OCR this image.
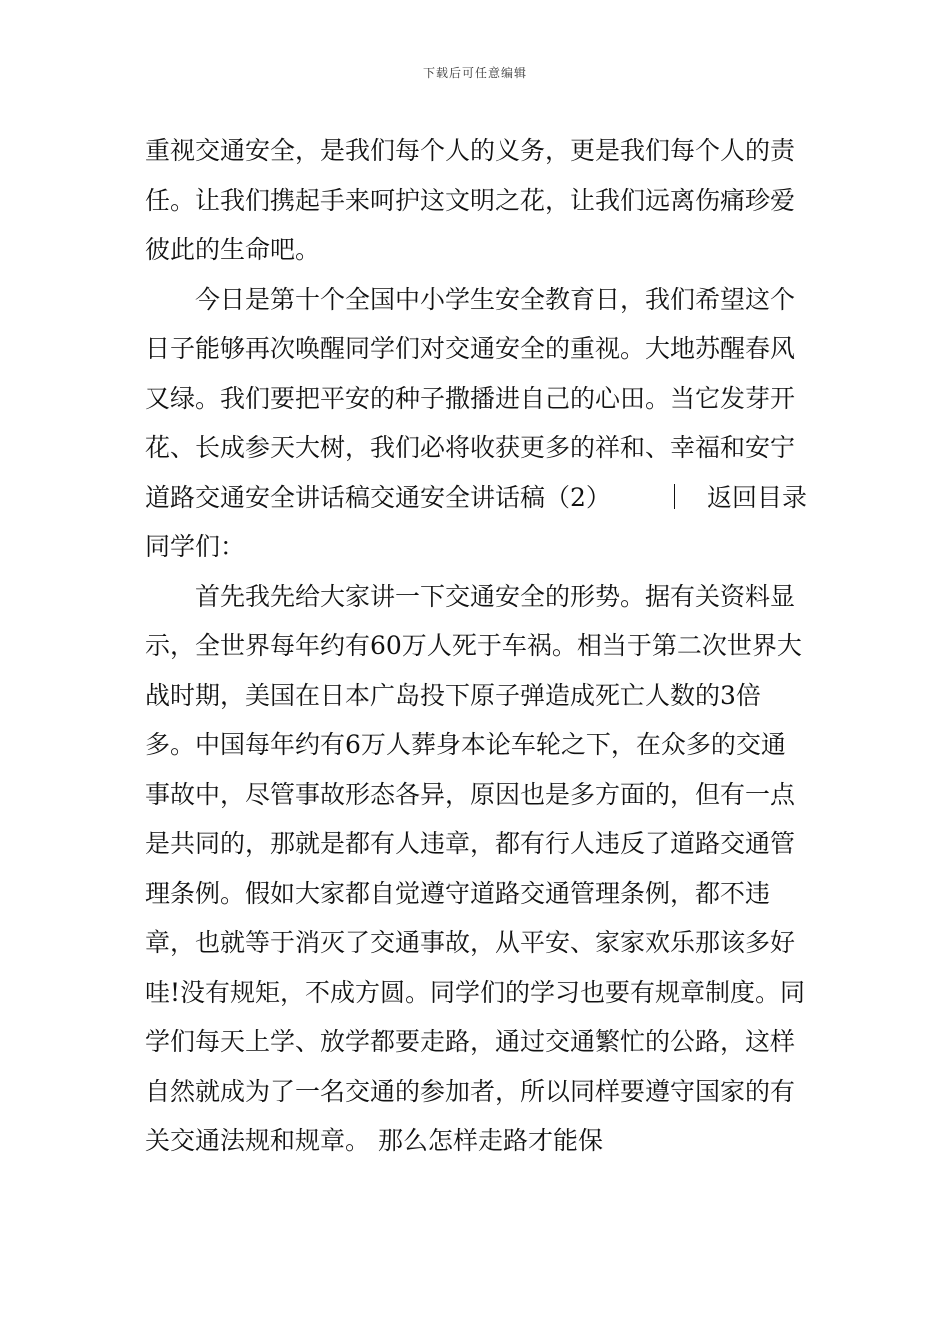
下载后可任意编辑

重视交通安全，是我们每个人的义务，更是我们每个人的责任。让我们携起手来呵护这文明之花，让我们远离伤痛珍爱彼此的生命吧。

今日是第十个全国中小学生安全教育日，我们希望这个日子能够再次唤醒同学们对交通安全的重视。大地苏醒春风又绿。我们要把平安的种子撒播进自己的心田。当它发芽开花、长成参天大树，我们必将收获更多的祥和、幸福和安宁

道路交通安全讲话稿交通安全讲话稿（2）	｜ 返回目录

同学们：

首先我先给大家讲一下交通安全的形势。据有关资料显示，全世界每年约有60万人死于车祸。相当于第二次世界大战时期，美国在日本广岛投下原子弹造成死亡人数的3倍多。中国每年约有6万人葬身本论车轮之下，在众多的交通事故中，尽管事故形态各异，原因也是多方面的，但有一点是共同的，那就是都有人违章，都有行人违反了道路交通管理条例。假如大家都自觉遵守道路交通管理条例，都不违章，也就等于消灭了交通事故，从平安、家家欢乐那该多好哇!没有规矩，不成方圆。同学们的学习也要有规章制度。同学们每天上学、放学都要走路，通过交通繁忙的公路，这样自然就成为了一名交通的参加者，所以同样要遵守国家的有关交通法规和规章。 那么怎样走路才能保
